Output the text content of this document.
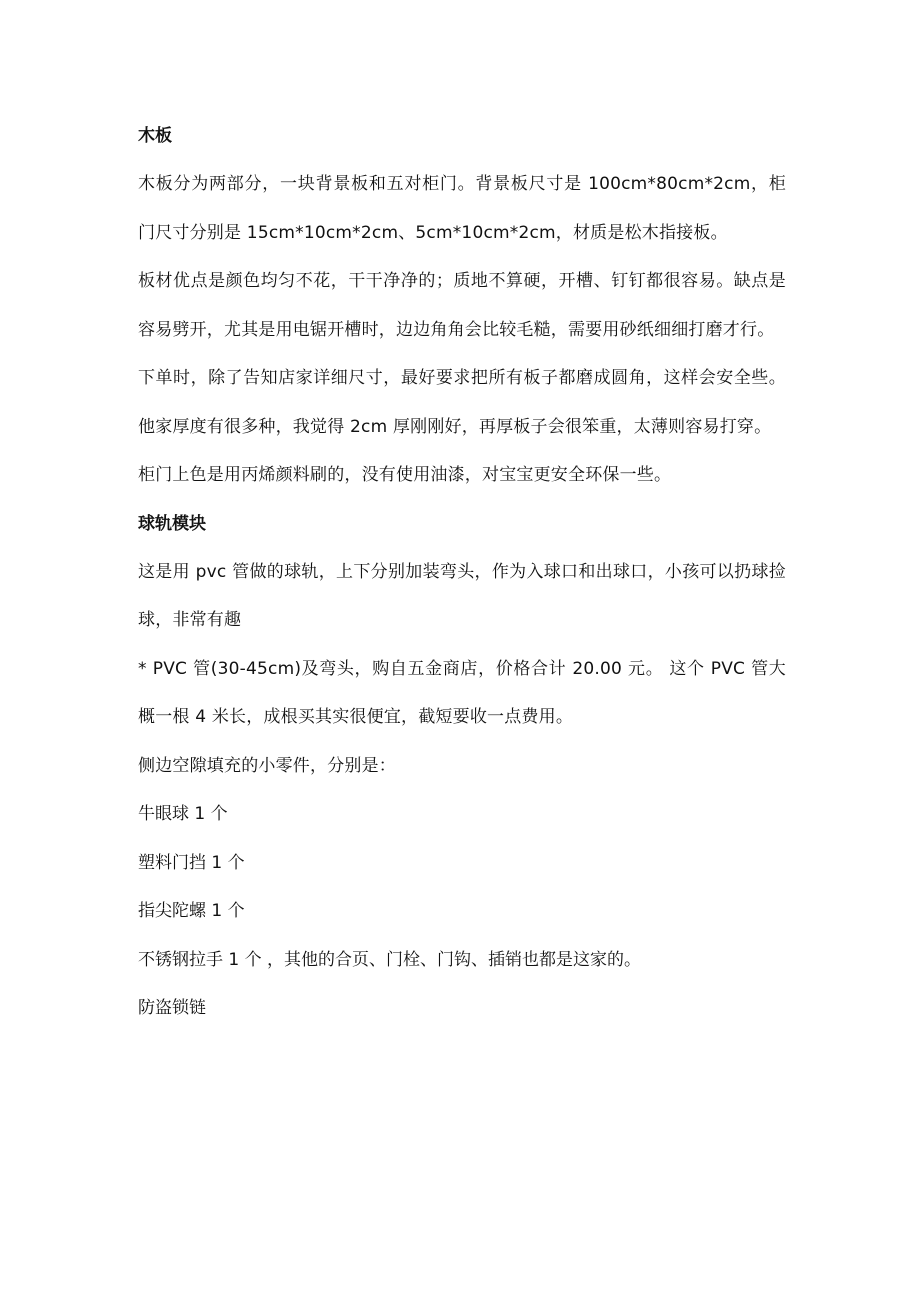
木板

木板分为两部分，一块背景板和五对柜门。背景板尺寸是 100cm*80cm*2cm，柜门尺寸分别是 15cm*10cm*2cm、5cm*10cm*2cm，材质是松木指接板。

板材优点是颜色均匀不花，干干净净的；质地不算硬，开槽、钉钉都很容易。缺点是容易劈开，尤其是用电锯开槽时，边边角角会比较毛糙，需要用砂纸细细打磨才行。

下单时，除了告知店家详细尺寸，最好要求把所有板子都磨成圆角，这样会安全些。他家厚度有很多种，我觉得 2cm 厚刚刚好，再厚板子会很笨重，太薄则容易打穿。

柜门上色是用丙烯颜料刷的，没有使用油漆，对宝宝更安全环保一些。

球轨模块

这是用 pvc 管做的球轨，上下分别加装弯头，作为入球口和出球口，小孩可以扔球捡球，非常有趣

* PVC 管(30-45cm)及弯头，购自五金商店，价格合计 20.00 元。 这个 PVC 管大概一根 4 米长，成根买其实很便宜，截短要收一点费用。

侧边空隙填充的小零件，分别是：

牛眼球 1 个

塑料门挡 1 个

指尖陀螺 1 个

不锈钢拉手 1 个 ，其他的合页、门栓、门钩、插销也都是这家的。

防盗锁链
